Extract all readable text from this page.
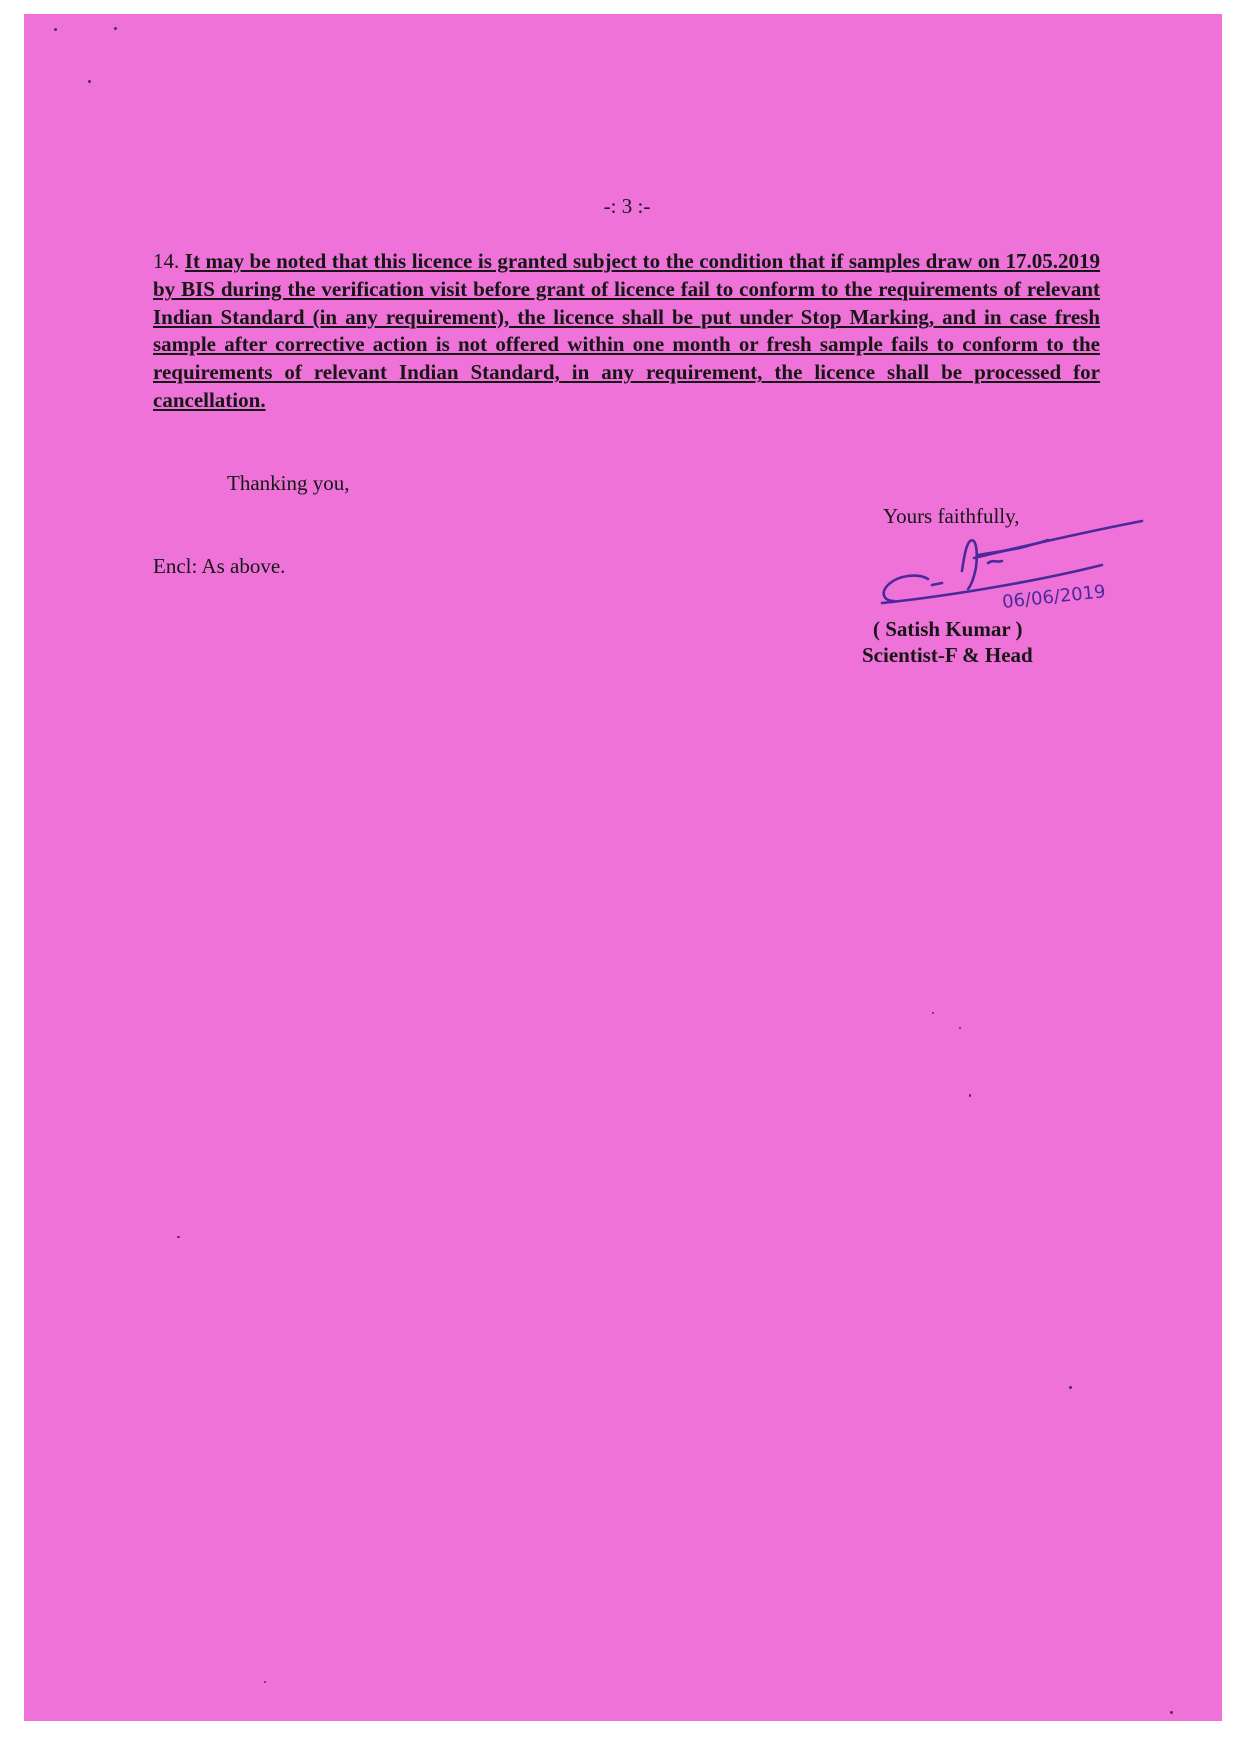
-: 3 :-

14. It may be noted that this licence is granted subject to the condition that if samples draw on 17.05.2019 by BIS during the verification visit before grant of licence fail to conform to the requirements of relevant Indian Standard (in any requirement), the licence shall be put under Stop Marking, and in case fresh sample after corrective action is not offered within one month or fresh sample fails to conform to the requirements of relevant Indian Standard, in any requirement, the licence shall be processed for cancellation.

Thanking you,
Encl: As above.
Yours faithfully,
06/06/2019
( Satish Kumar )
Scientist-F & Head
